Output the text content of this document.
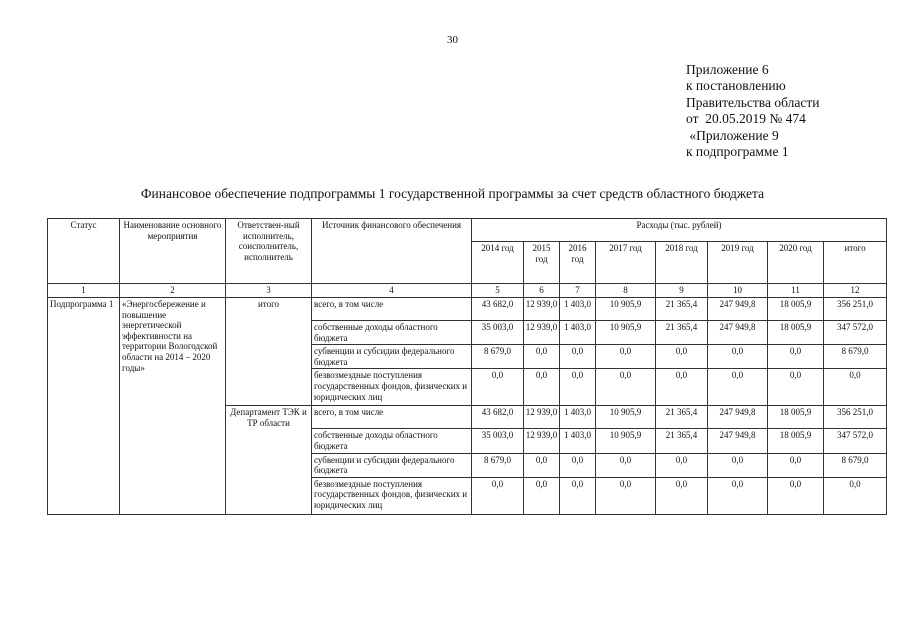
30
Приложение 6
к постановлению
Правительства области
от  20.05.2019 № 474
«Приложение 9
к подпрограмме 1
Финансовое обеспечение подпрограммы 1 государственной программы за счет средств областного бюджета
Статус	Наименование основного мероприятия	Ответствен-ный исполнитель, соисполнитель, исполнитель	Источник финансового обеспечения	Расходы (тыс. рублей)							
				2014 год	2015 год	2016 год	2017 год	2018 год	2019 год	2020 год	итого
1	2	3	4	5	6	7	8	9	10	11	12
Подпрограмма 1	«Энергосбережение и повышение энергетической эффективности на территории Вологодской области на 2014 – 2020 годы»	итого	всего, в том числе	43 682,0	12 939,0	1 403,0	10 905,9	21 365,4	247 949,8	18 005,9	356 251,0
			собственные доходы областного бюджета	35 003,0	12 939,0	1 403,0	10 905,9	21 365,4	247 949,8	18 005,9	347 572,0
			субвенции и субсидии федерального бюджета	8 679,0	0,0	0,0	0,0	0,0	0,0	0,0	8 679,0
			безвозмездные поступления государственных фондов, физических и юридических лиц	0,0	0,0	0,0	0,0	0,0	0,0	0,0	0,0
		Департамент ТЭК и ТР области	всего, в том числе	43 682,0	12 939,0	1 403,0	10 905,9	21 365,4	247 949,8	18 005,9	356 251,0
			собственные доходы областного бюджета	35 003,0	12 939,0	1 403,0	10 905,9	21 365,4	247 949,8	18 005,9	347 572,0
			субвенции и субсидии федерального бюджета	8 679,0	0,0	0,0	0,0	0,0	0,0	0,0	8 679,0
			безвозмездные поступления государственных фондов, физических и юридических лиц	0,0	0,0	0,0	0,0	0,0	0,0	0,0	0,0
